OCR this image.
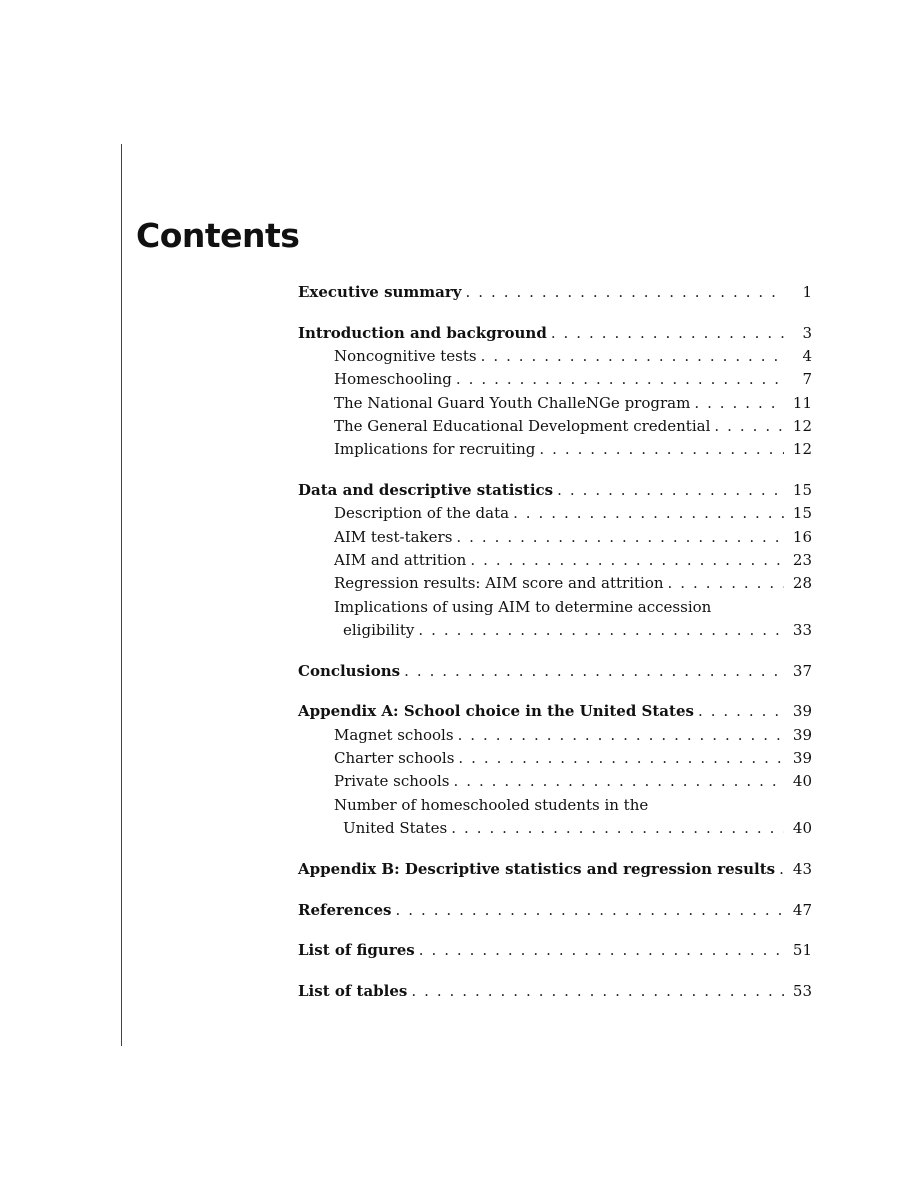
Contents
Executive summary . . .	1
Introduction and background . . .	3
Noncognitive tests . . .	4
Homeschooling . . .	7
The National Guard Youth ChalleNGe program . . .	11
The General Educational Development credential . . .	12
Implications for recruiting . . .	12
Data and descriptive statistics . . .	15
Description of the data . . .	15
AIM test-takers . . .	16
AIM and attrition . . .	23
Regression results: AIM score and attrition . . .	28
Implications of using AIM to determine accession
eligibility . . .	33
Conclusions . . .	37
Appendix A: School choice in the United States . . .	39
Magnet schools . . .	39
Charter schools . . .	39
Private schools . . .	40
Number of homeschooled students in the
United States . . .	40
Appendix B: Descriptive statistics and regression results . . .	43
References . . .	47
List of figures . . .	51
List of tables . . .	53
